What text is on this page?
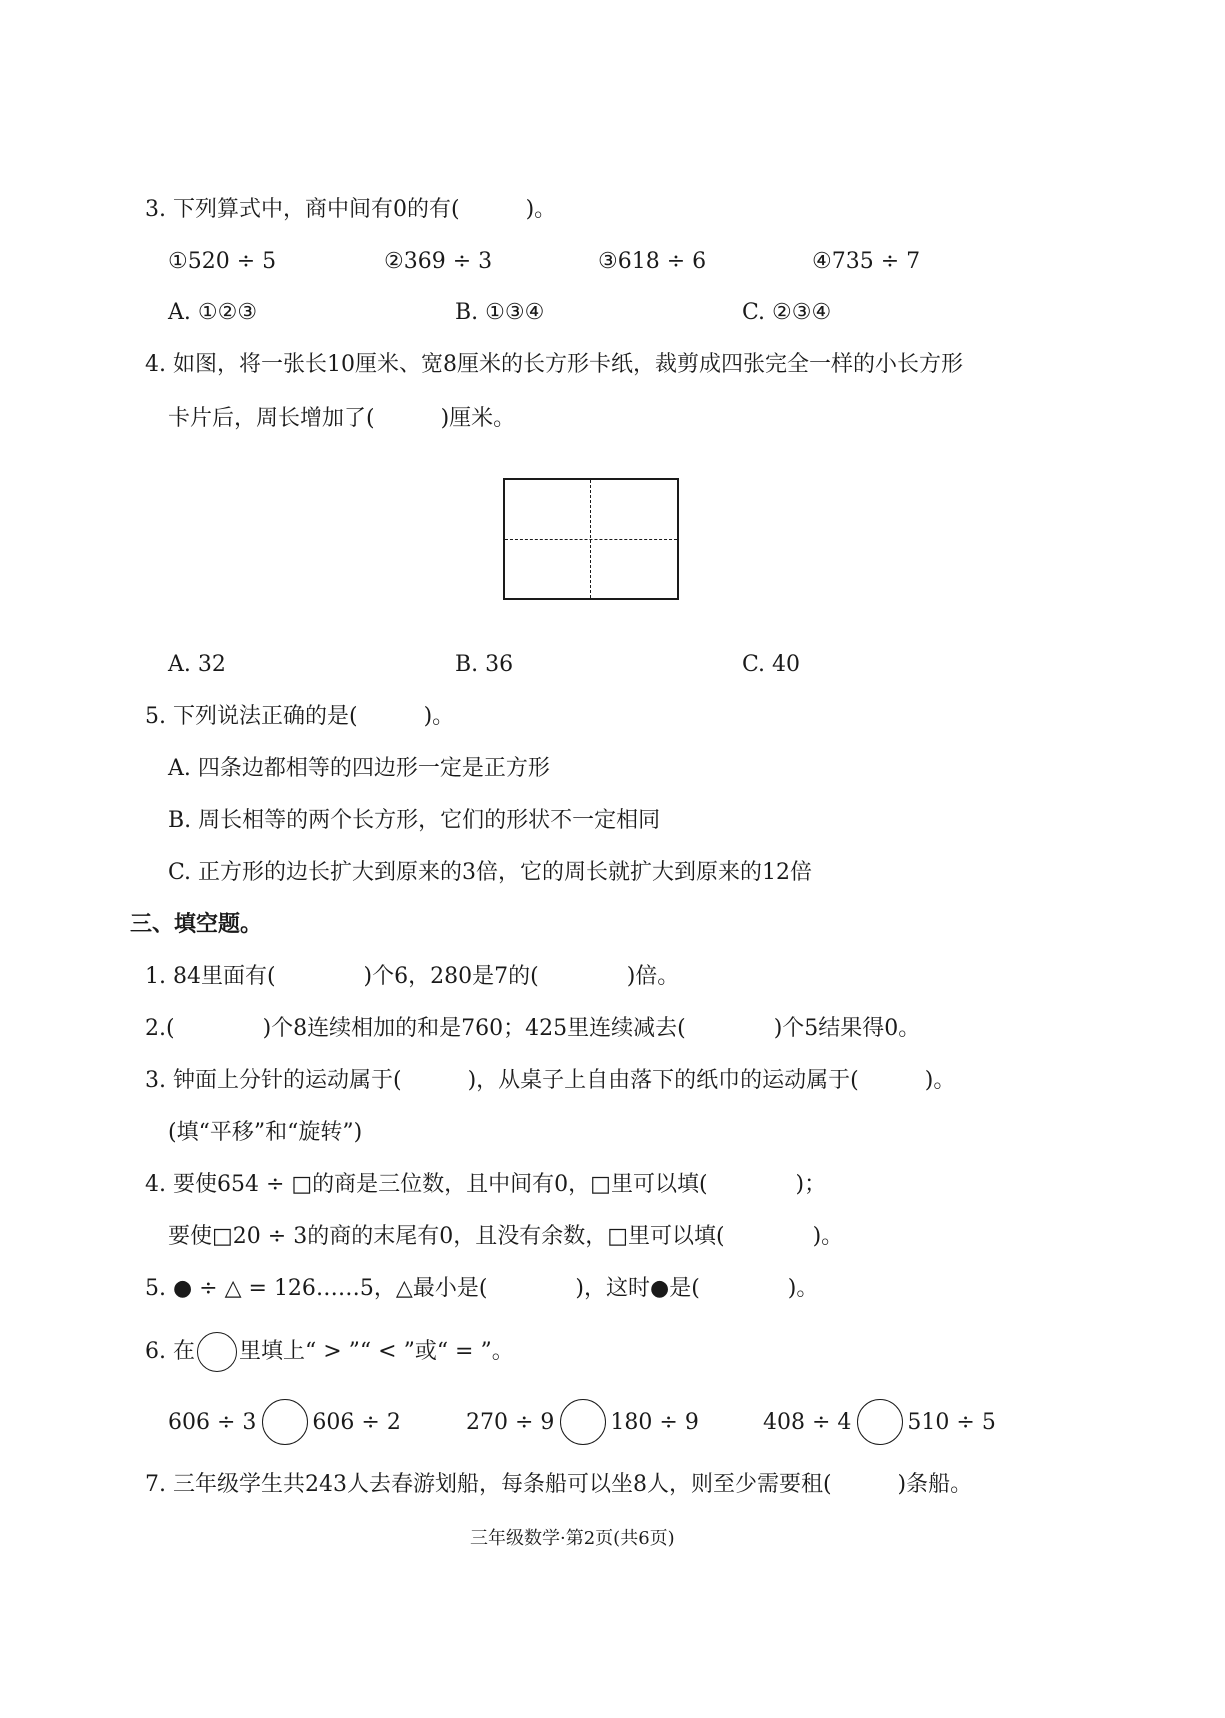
3. 下列算式中，商中间有0的有(　　　)。
①520 ÷ 5	②369 ÷ 3	③618 ÷ 6	④735 ÷ 7
A. ①②③	B. ①③④	C. ②③④
4. 如图，将一张长10厘米、宽8厘米的长方形卡纸，裁剪成四张完全一样的小长方形
卡片后，周长增加了(　　　)厘米。
A. 32	B. 36	C. 40
5. 下列说法正确的是(　　　)。
A. 四条边都相等的四边形一定是正方形
B. 周长相等的两个长方形，它们的形状不一定相同
C. 正方形的边长扩大到原来的3倍，它的周长就扩大到原来的12倍
三、填空题。
1. 84里面有(　　　　)个6，280是7的(　　　　)倍。
2.(　　　　)个8连续相加的和是760；425里连续减去(　　　　)个5结果得0。
3. 钟面上分针的运动属于(　　　)，从桌子上自由落下的纸巾的运动属于(　　　)。
(填“平移”和“旋转”)
4. 要使654 ÷ □的商是三位数，且中间有0，□里可以填(　　　　)；
要使□20 ÷ 3的商的末尾有0，且没有余数，□里可以填(　　　　)。
5. ● ÷ △ = 126……5，△最小是(　　　　)，这时●是(　　　　)。
6. 在 里填上“ > ”“ < ”或“ = ”。
606 ÷ 3	606 ÷ 2	270 ÷ 9	180 ÷ 9	408 ÷ 4	510 ÷ 5
7. 三年级学生共243人去春游划船，每条船可以坐8人，则至少需要租(　　　)条船。
三年级数学·第2页(共6页)
